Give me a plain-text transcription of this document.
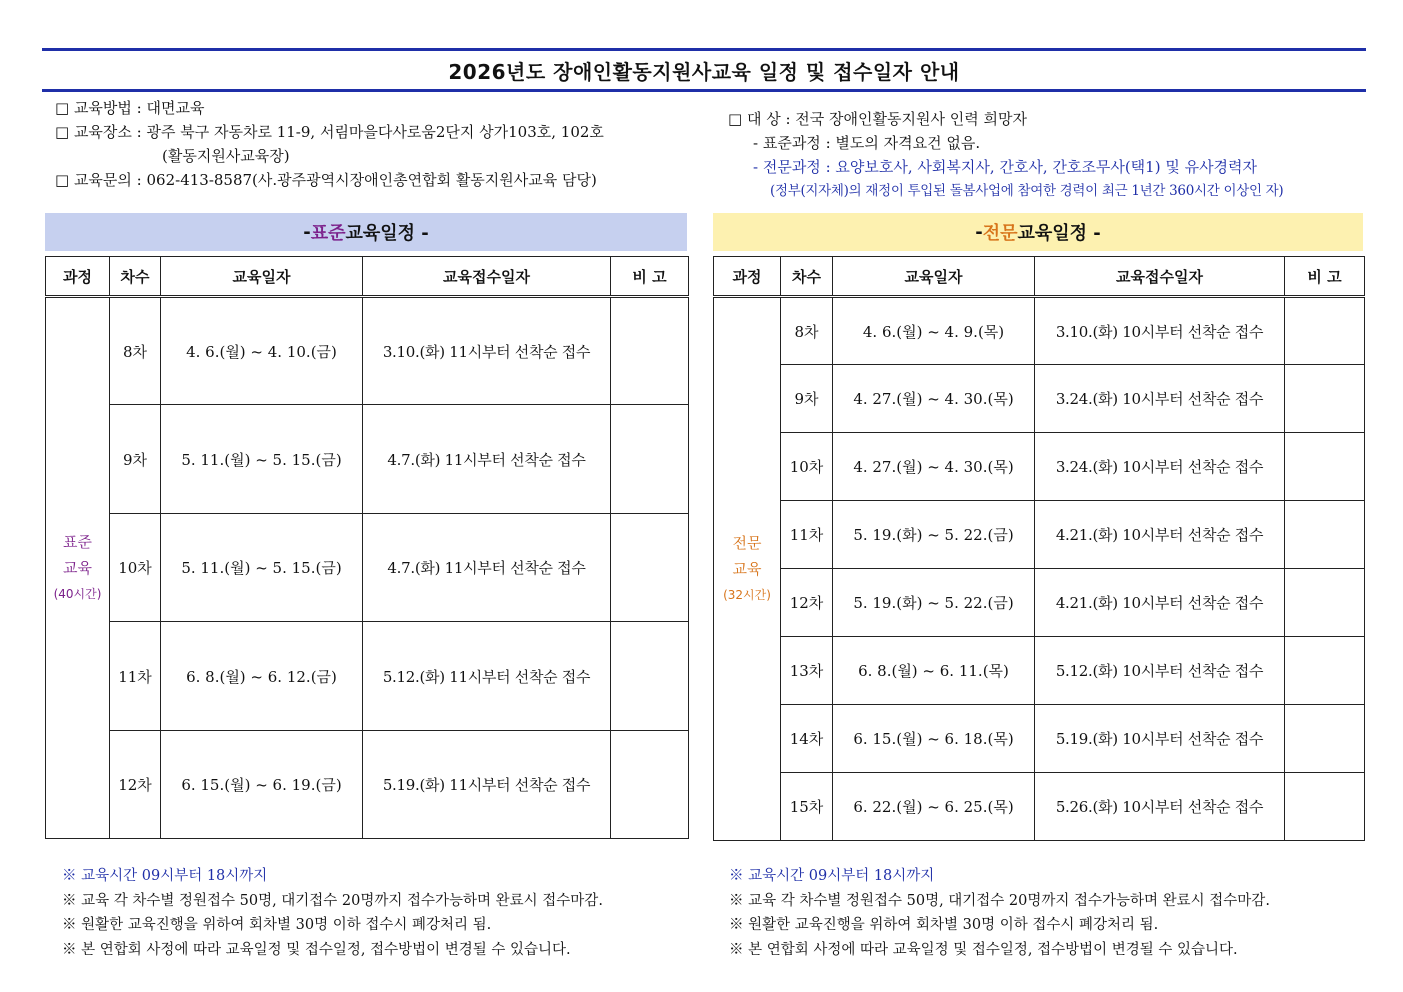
2026년도 장애인활동지원사교육 일정 및 접수일자 안내
□ 교육방법 : 대면교육
□ 교육장소 : 광주 북구 자동차로 11-9, 서림마을다사로움2단지 상가103호, 102호
(활동지원사교육장)
□ 교육문의 : 062-413-8587(사.광주광역시장애인총연합회 활동지원사교육 담당)
□ 대 상 : 전국 장애인활동지원사 인력 희망자
- 표준과정 : 별도의 자격요건 없음.
- 전문과정 : 요양보호사, 사회복지사, 간호사, 간호조무사(택1) 및 유사경력자
(정부(지자체)의 재정이 투입된 돌봄사업에 참여한 경력이 최근 1년간 360시간 이상인 자)
- 표준 교육일정 -	- 전문 교육일정 -
과정	차수	교육일자	교육접수일자	비 고

표준
교육
(40시간)	8차	4. 6.(월) ~ 4. 10.(금)	3.10.(화) 11시부터 선착순 접수	
	9차	5. 11.(월) ~ 5. 15.(금)	4.7.(화) 11시부터 선착순 접수	
	10차	5. 11.(월) ~ 5. 15.(금)	4.7.(화) 11시부터 선착순 접수	
	11차	6. 8.(월) ~ 6. 12.(금)	5.12.(화) 11시부터 선착순 접수	
	12차	6. 15.(월) ~ 6. 19.(금)	5.19.(화) 11시부터 선착순 접수	
과정	차수	교육일자	교육접수일자	비 고

전문
교육
(32시간)	8차	4. 6.(월) ~ 4. 9.(목)	3.10.(화) 10시부터 선착순 접수	
	9차	4. 27.(월) ~ 4. 30.(목)	3.24.(화) 10시부터 선착순 접수	
	10차	4. 27.(월) ~ 4. 30.(목)	3.24.(화) 10시부터 선착순 접수	
	11차	5. 19.(화) ~ 5. 22.(금)	4.21.(화) 10시부터 선착순 접수	
	12차	5. 19.(화) ~ 5. 22.(금)	4.21.(화) 10시부터 선착순 접수	
	13차	6. 8.(월) ~ 6. 11.(목)	5.12.(화) 10시부터 선착순 접수	
	14차	6. 15.(월) ~ 6. 18.(목)	5.19.(화) 10시부터 선착순 접수	
	15차	6. 22.(월) ~ 6. 25.(목)	5.26.(화) 10시부터 선착순 접수	
※ 교육시간 09시부터 18시까지
※ 교육 각 차수별 정원접수 50명, 대기접수 20명까지 접수가능하며 완료시 접수마감.
※ 원활한 교육진행을 위하여 회차별 30명 이하 접수시 폐강처리 됨.
※ 본 연합회 사정에 따라 교육일정 및 접수일정, 접수방법이 변경될 수 있습니다.
※ 교육시간 09시부터 18시까지
※ 교육 각 차수별 정원접수 50명, 대기접수 20명까지 접수가능하며 완료시 접수마감.
※ 원활한 교육진행을 위하여 회차별 30명 이하 접수시 폐강처리 됨.
※ 본 연합회 사정에 따라 교육일정 및 접수일정, 접수방법이 변경될 수 있습니다.
